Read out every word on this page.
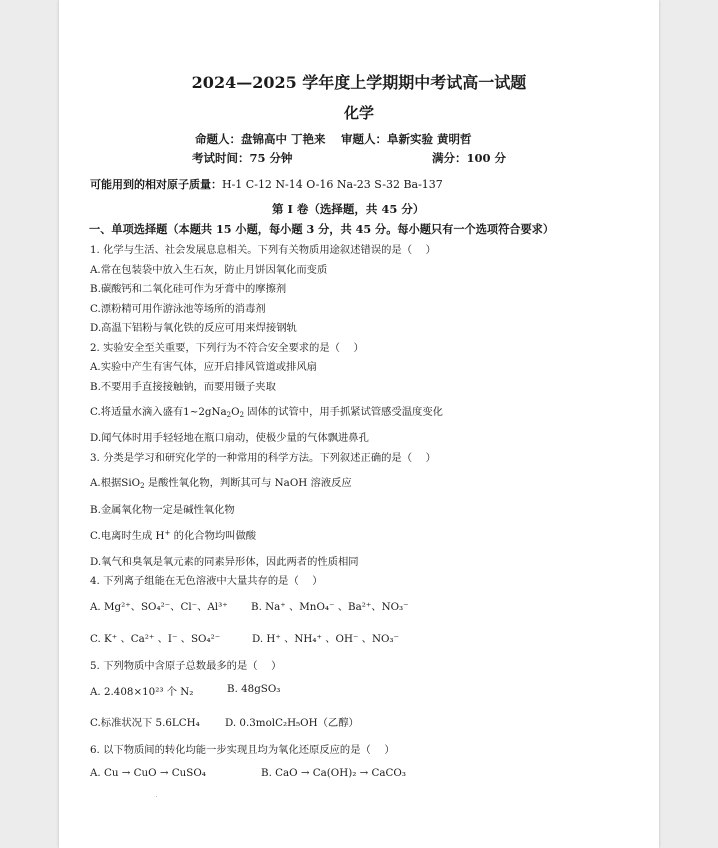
2024—2025 学年度上学期期中考试高一试题
化学
命题人：盘锦高中 丁艳来　 审题人：阜新实验 黄明哲
考试时间：75 分钟	满分：100 分
可能用到的相对原子质量：H-1 C-12 N-14 O-16 Na-23 S-32 Ba-137
第 I 卷（选择题，共 45 分）
一、单项选择题（本题共 15 小题，每小题 3 分，共 45 分。每小题只有一个选项符合要求）
1. 化学与生活、社会发展息息相关。下列有关物质用途叙述错误的是（　 ）
A.常在包装袋中放入生石灰，防止月饼因氧化而变质
B.碳酸钙和二氧化硅可作为牙膏中的摩擦剂
C.漂粉精可用作游泳池等场所的消毒剂
D.高温下铝粉与氧化铁的反应可用来焊接钢轨
2. 实验安全至关重要，下列行为不符合安全要求的是（　 ）
A.实验中产生有害气体，应开启排风管道或排风扇
B.不要用手直接接触钠，而要用镊子夹取
C.将适量水滴入盛有$1\sim 2gNa_2O_2$ 固体的试管中，用手抓紧试管感受温度变化
D.闻气体时用手轻轻地在瓶口扇动，使极少量的气体飘进鼻孔
3. 分类是学习和研究化学的一种常用的科学方法。下列叙述正确的是（　 ）
A.根据SiO$_2$ 是酸性氧化物，判断其可与 NaOH 溶液反应
B.金属氧化物一定是碱性氧化物
C.电离时生成 H+ 的化合物均叫做酸
D.氧气和臭氧是氧元素的同素异形体，因此两者的性质相同
4. 下列离子组能在无色溶液中大量共存的是（　 ）
A. Mg²⁺、SO₄²⁻、Cl⁻、Al³⁺ B. Na⁺ 、MnO₄⁻ 、Ba²⁺、NO₃⁻
C. K⁺ 、Ca²⁺ 、I⁻ 、SO₄²⁻	D. H⁺ 、NH₄⁺ 、OH⁻ 、NO₃⁻
5. 下列物质中含原子总数最多的是（　 ）
A. 2.408×10²³ 个 N₂	B. 48gSO₃
C.标准状况下 5.6LCH₄ D. 0.3molC₂H₅OH（乙醇）
6. 以下物质间的转化均能一步实现且均为氧化还原反应的是（　 ）
A. Cu → CuO → CuSO₄	B. CaO → Ca(OH)₂ → CaCO₃
